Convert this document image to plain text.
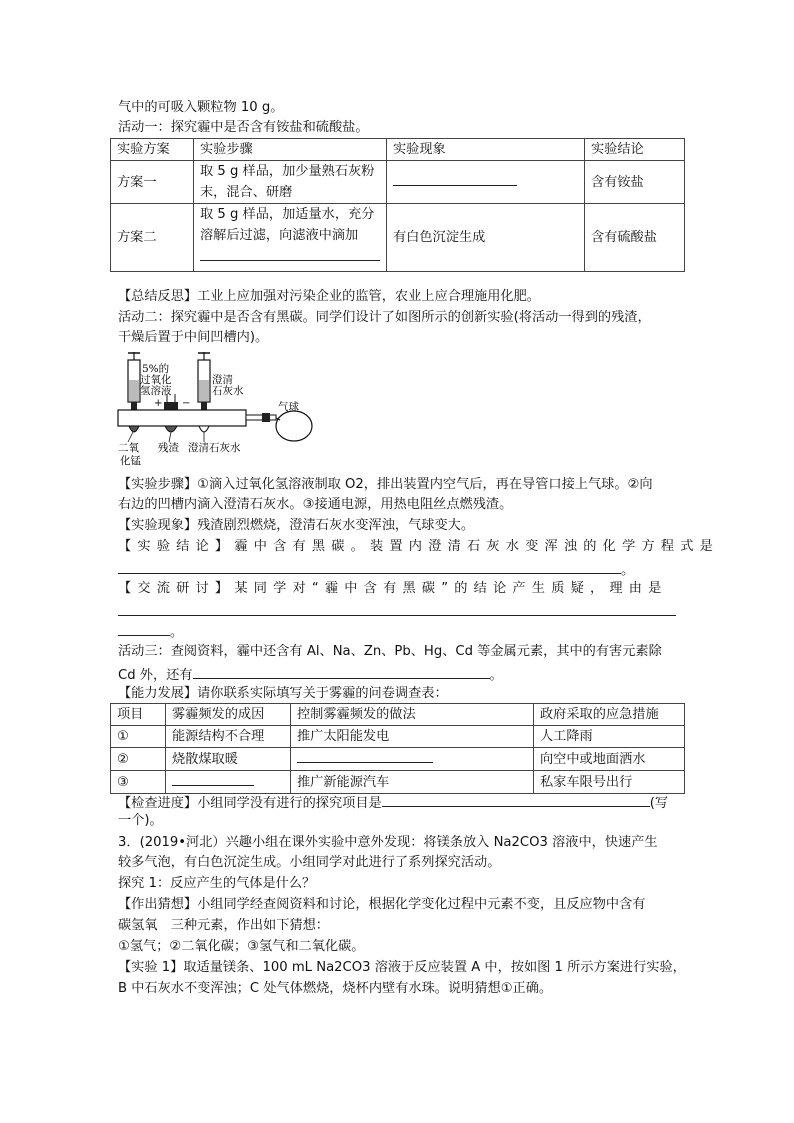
气中的可吸入颗粒物 10 g。
活动一：探究霾中是否含有铵盐和硫酸盐。
实验方案	实验步骤	实验现象	实验结论
方案一	取 5 g 样品，加少量熟石灰粉
末，混合、研磨		含有铵盐
方案二	取 5 g 样品，加适量水，充分
溶解后过滤，向滤液中滴加	有白色沉淀生成	含有硫酸盐
【总结反思】工业上应加强对污染企业的监管，农业上应合理施用化肥。
活动二：探究霾中是否含有黑碳。同学们设计了如图所示的创新实验(将活动一得到的残渣，
干燥后置于中间凹槽内)。
5%的
过氧化
氢溶液
+ −
澄清
石灰水
气球
二氧
化锰
残渣 澄清石灰水
【实验步骤】①滴入过氧化氢溶液制取 O2，排出装置内空气后，再在导管口接上气球。②向
右边的凹槽内滴入澄清石灰水。③接通电源，用热电阻丝点燃残渣。
【实验现象】残渣剧烈燃烧，澄清石灰水变浑浊，气球变大。
【实验结论】霾中含有黑碳。装置内澄清石灰水变浑浊的化学方程式是
。
【交流研讨】某同学对“霾中含有黑碳”的结论产生质疑，理由是
。
活动三：查阅资料，霾中还含有 Al、Na、Zn、Pb、Hg、Cd 等金属元素，其中的有害元素除
Cd 外，还有	。
【能力发展】请你联系实际填写关于雾霾的问卷调查表：
项目	雾霾频发的成因	控制雾霾频发的做法	政府采取的应急措施
①	能源结构不合理	推广太阳能发电	人工降雨
②	烧散煤取暖		向空中或地面洒水
③		推广新能源汽车	私家车限号出行
【检查进度】小组同学没有进行的探究项目是	(写
一个)。
3．(2019•河北）兴趣小组在课外实验中意外发现：将镁条放入 Na2CO3 溶液中，快速产生
较多气泡，有白色沉淀生成。小组同学对此进行了系列探究活动。
探究 1：反应产生的气体是什么？
【作出猜想】小组同学经查阅资料和讨论，根据化学变化过程中元素不变，且反应物中含有
碳氢氧　三种元素，作出如下猜想：
①氢气；②二氧化碳；③氢气和二氧化碳。
【实验 1】取适量镁条、100 mL Na2CO3 溶液于反应装置 A 中，按如图 1 所示方案进行实验，
B 中石灰水不变浑浊；C 处气体燃烧，烧杯内壁有水珠。说明猜想①正确。
